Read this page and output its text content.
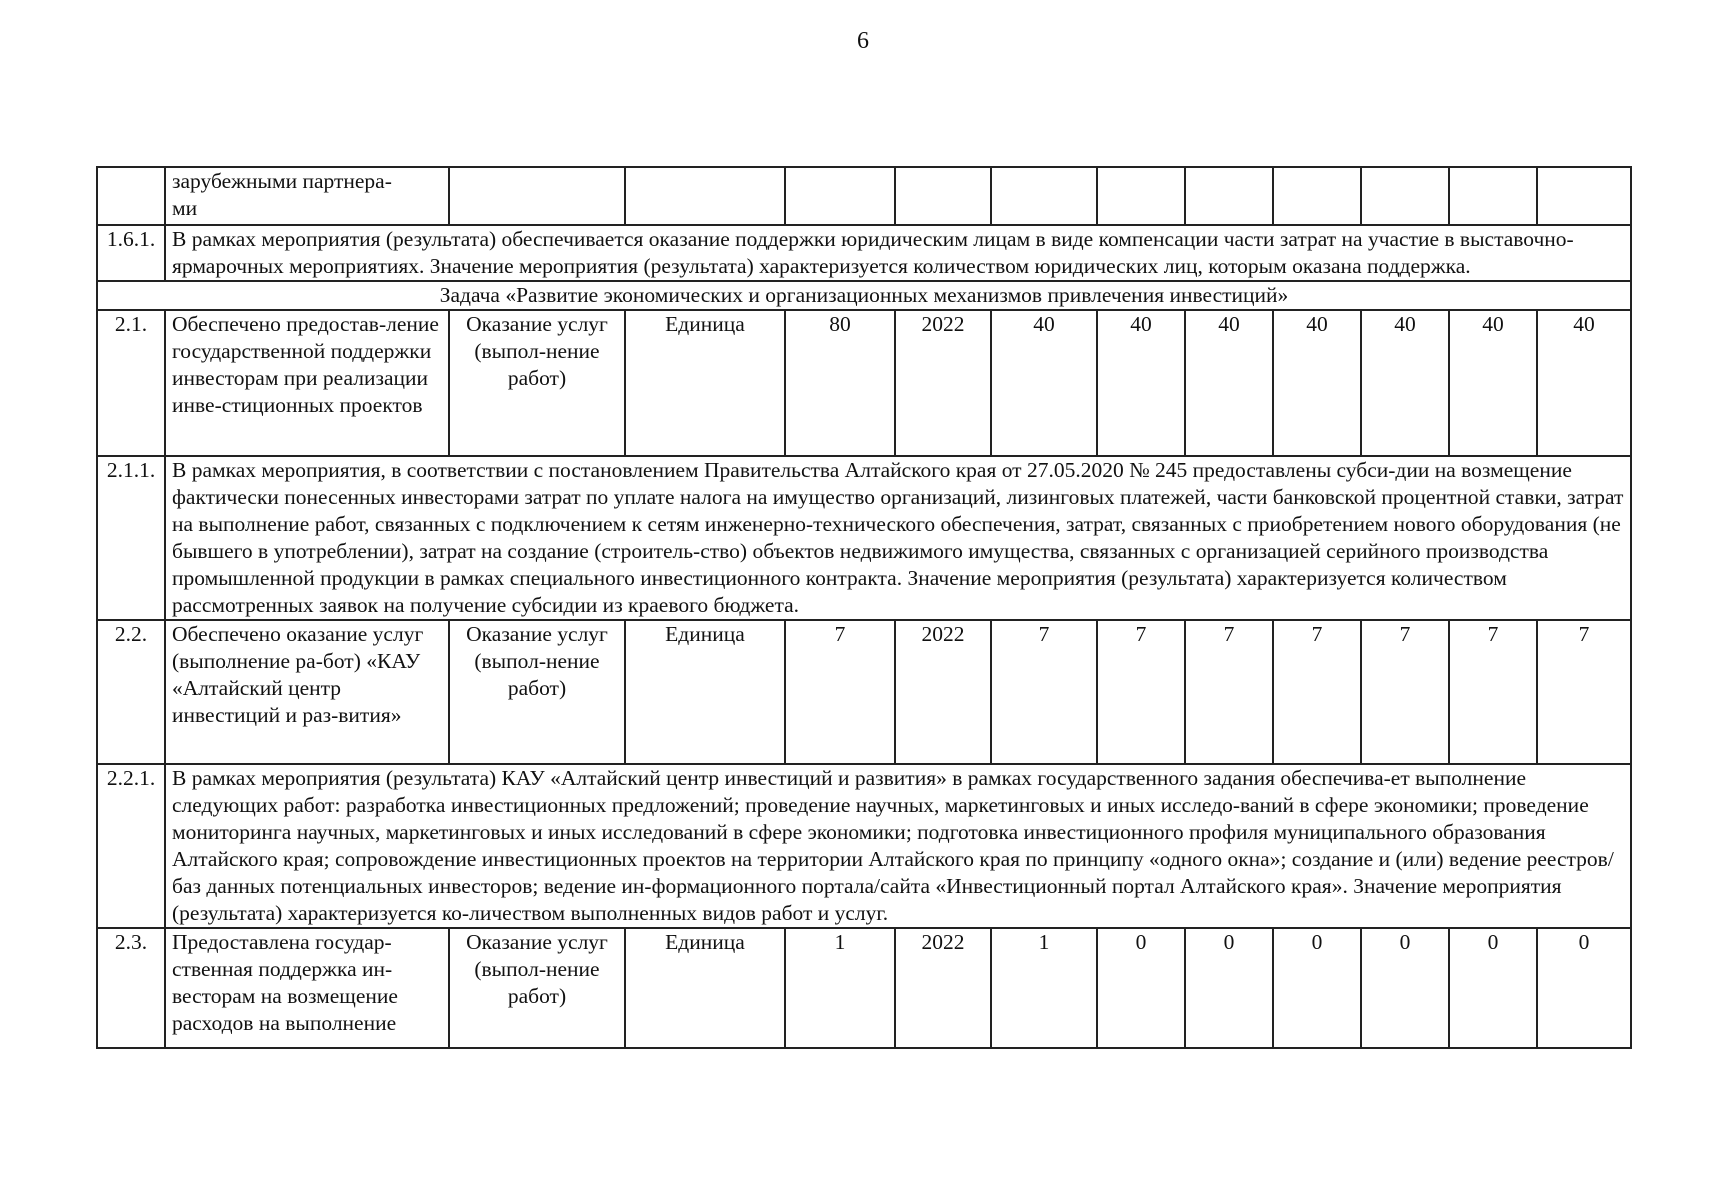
6

	зарубежными партнера-
ми											

1.6.1.	В рамках мероприятия (результата) обеспечивается оказание поддержки юридическим лицам в виде компенсации части затрат на участие в выставочно-ярмарочных мероприятиях. Значение мероприятия (результата) характеризуется количеством юридических лиц, которым оказана поддержка.											
Задача «Развитие экономических и организационных механизмов привлечения инвестиций»												
2.1.	Обеспечено предостав-ление государственной поддержки инвесторам при реализации инве-стиционных проектов	Оказание услуг (выпол-нение работ)	Единица	80	2022	40	40	40	40	40	40	40
2.1.1.	В рамках мероприятия, в соответствии с постановлением Правительства Алтайского края от 27.05.2020 № 245 предоставлены субси-дии на возмещение фактически понесенных инвесторами затрат по уплате налога на имущество организаций, лизинговых платежей, части банковской процентной ставки, затрат на выполнение работ, связанных с подключением к сетям инженерно-технического обеспечения, затрат, связанных с приобретением нового оборудования (не бывшего в употреблении), затрат на создание (строитель-ство) объектов недвижимого имущества, связанных с организацией серийного производства промышленной продукции в рамках специального инвестиционного контракта. Значение мероприятия (результата) характеризуется количеством рассмотренных заявок на получение субсидии из краевого бюджета.											
2.2.	Обеспечено оказание услуг (выполнение ра-бот) «КАУ «Алтайский центр инвестиций и раз-вития»	Оказание услуг (выпол-нение работ)	Единица	7	2022	7	7	7	7	7	7	7
2.2.1.	В рамках мероприятия (результата) КАУ «Алтайский центр инвестиций и развития» в рамках государственного задания обеспечива-ет выполнение следующих работ: разработка инвестиционных предложений; проведение научных, маркетинговых и иных исследо-ваний в сфере экономики; проведение мониторинга научных, маркетинговых и иных исследований в сфере экономики; подготовка инвестиционного профиля муниципального образования Алтайского края; сопровождение инвестиционных проектов на территории Алтайского края по принципу «одного окна»; создание и (или) ведение реестров/баз данных потенциальных инвесторов; ведение ин-формационного портала/сайта «Инвестиционный портал Алтайского края». Значение мероприятия (результата) характеризуется ко-личеством выполненных видов работ и услуг.											
2.3.	Предоставлена государ-ственная поддержка ин-весторам на возмещение расходов на выполнение	Оказание услуг (выпол-нение работ)	Единица	1	2022	1	0	0	0	0	0	0
